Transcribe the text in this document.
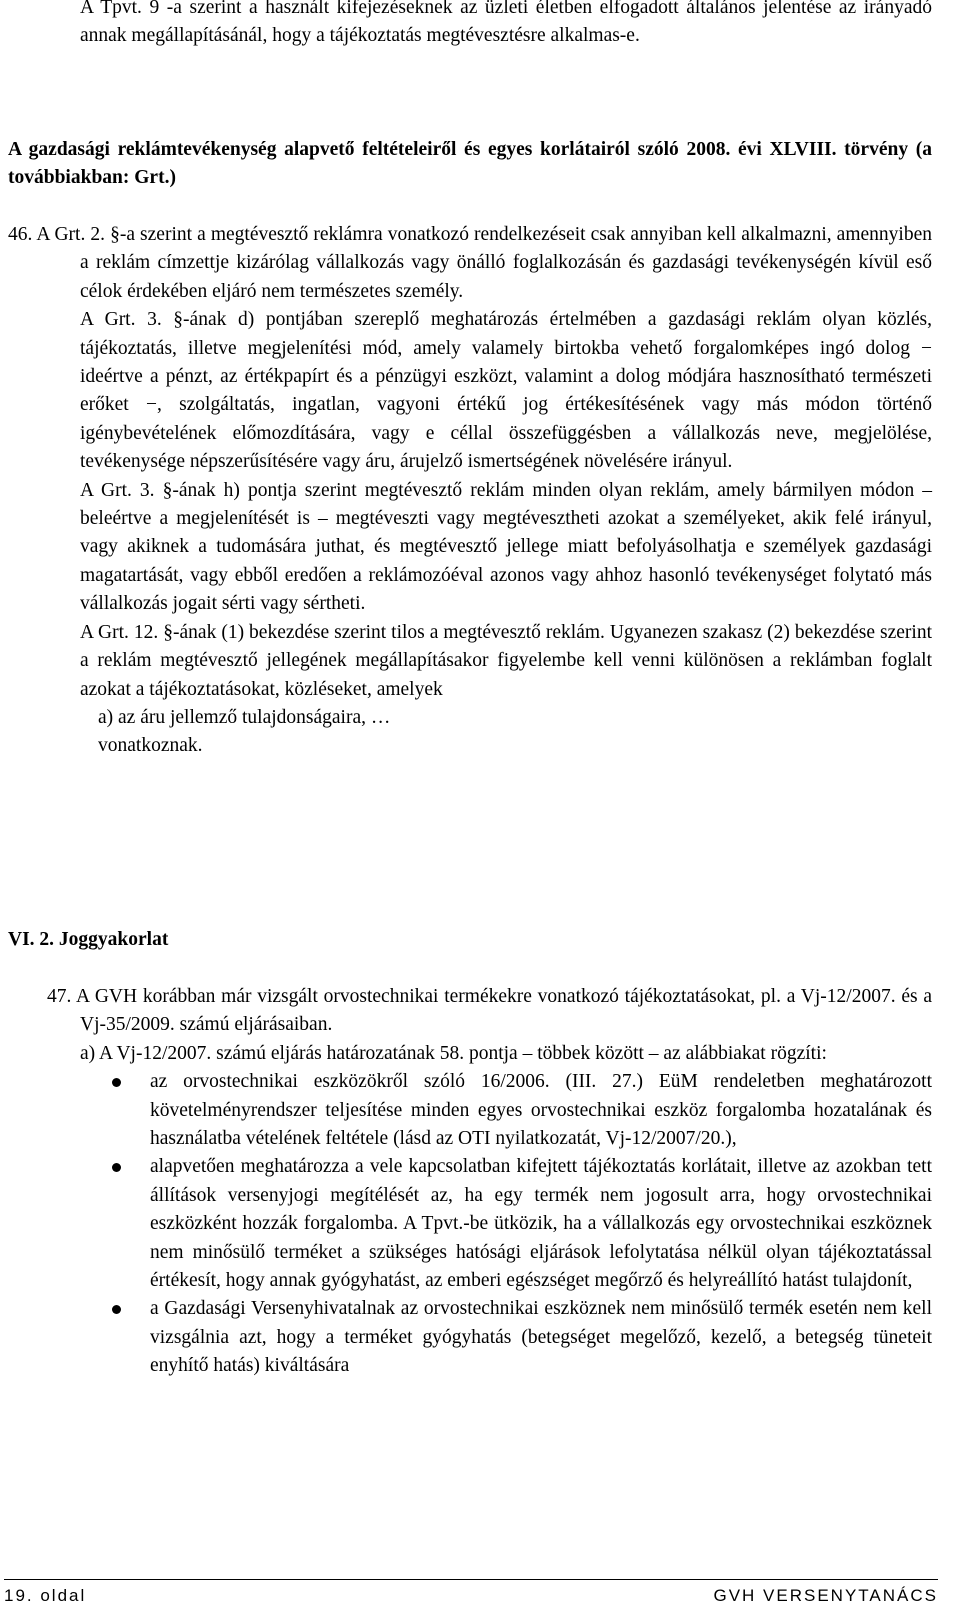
A Tpvt. 9 -a szerint a használt kifejezéseknek az üzleti életben elfogadott általános jelentése az irányadó annak megállapításánál, hogy a tájékoztatás megtévesztésre alkalmas-e.

A gazdasági reklámtevékenység alapvető feltételeiről és egyes korlátairól szóló 2008. évi XLVIII. törvény (a továbbiakban: Grt.)

46. A Grt. 2. §-a szerint a megtévesztő reklámra vonatkozó rendelkezéseit csak annyiban kell alkalmazni, amennyiben a reklám címzettje kizárólag vállalkozás vagy önálló foglalkozásán és gazdasági tevékenységén kívül eső célok érdekében eljáró nem természetes személy.

A Grt. 3. §-ának d) pontjában szereplő meghatározás értelmében a gazdasági reklám olyan közlés, tájékoztatás, illetve megjelenítési mód, amely valamely birtokba vehető forgalomképes ingó dolog − ideértve a pénzt, az értékpapírt és a pénzügyi eszközt, valamint a dolog módjára hasznosítható természeti erőket −, szolgáltatás, ingatlan, vagyoni értékű jog értékesítésének vagy más módon történő igénybevételének előmozdítására, vagy e céllal összefüggésben a vállalkozás neve, megjelölése, tevékenysége népszerűsítésére vagy áru, árujelző ismertségének növelésére irányul.

A Grt. 3. §-ának h) pontja szerint megtévesztő reklám minden olyan reklám, amely bármilyen módon – beleértve a megjelenítését is – megtéveszti vagy megtévesztheti azokat a személyeket, akik felé irányul, vagy akiknek a tudomására juthat, és megtévesztő jellege miatt befolyásolhatja e személyek gazdasági magatartását, vagy ebből eredően a reklámozóéval azonos vagy ahhoz hasonló tevékenységet folytató más vállalkozás jogait sérti vagy sértheti.

A Grt. 12. §-ának (1) bekezdése szerint tilos a megtévesztő reklám. Ugyanezen szakasz (2) bekezdése szerint a reklám megtévesztő jellegének megállapításakor figyelembe kell venni különösen a reklámban foglalt azokat a tájékoztatásokat, közléseket, amelyek

a) az áru jellemző tulajdonságaira, …

vonatkoznak.

VI. 2. Joggyakorlat

47. A GVH korábban már vizsgált orvostechnikai termékekre vonatkozó tájékoztatásokat, pl. a Vj-12/2007. és a Vj-35/2009. számú eljárásaiban.

a) A Vj-12/2007. számú eljárás határozatának 58. pontja – többek között – az alábbiakat rögzíti:

az orvostechnikai eszközökről szóló 16/2006. (III. 27.) EüM rendeletben meghatározott követelményrendszer teljesítése minden egyes orvostechnikai eszköz forgalomba hozatalának és használatba vételének feltétele (lásd az OTI nyilatkozatát, Vj-12/2007/20.),
alapvetően meghatározza a vele kapcsolatban kifejtett tájékoztatás korlátait, illetve az azokban tett állítások versenyjogi megítélését az, ha egy termék nem jogosult arra, hogy orvostechnikai eszközként hozzák forgalomba. A Tpvt.-be ütközik, ha a vállalkozás egy orvostechnikai eszköznek nem minősülő terméket a szükséges hatósági eljárások lefolytatása nélkül olyan tájékoztatással értékesít, hogy annak gyógyhatást, az emberi egészséget megőrző és helyreállító hatást tulajdonít,
a Gazdasági Versenyhivatalnak az orvostechnikai eszköznek nem minősülő termék esetén nem kell vizsgálnia azt, hogy a terméket gyógyhatás (betegséget megelőző, kezelő, a betegség tüneteit enyhítő hatás) kiváltására
19. oldal	GVH VERSENYTANÁCS
